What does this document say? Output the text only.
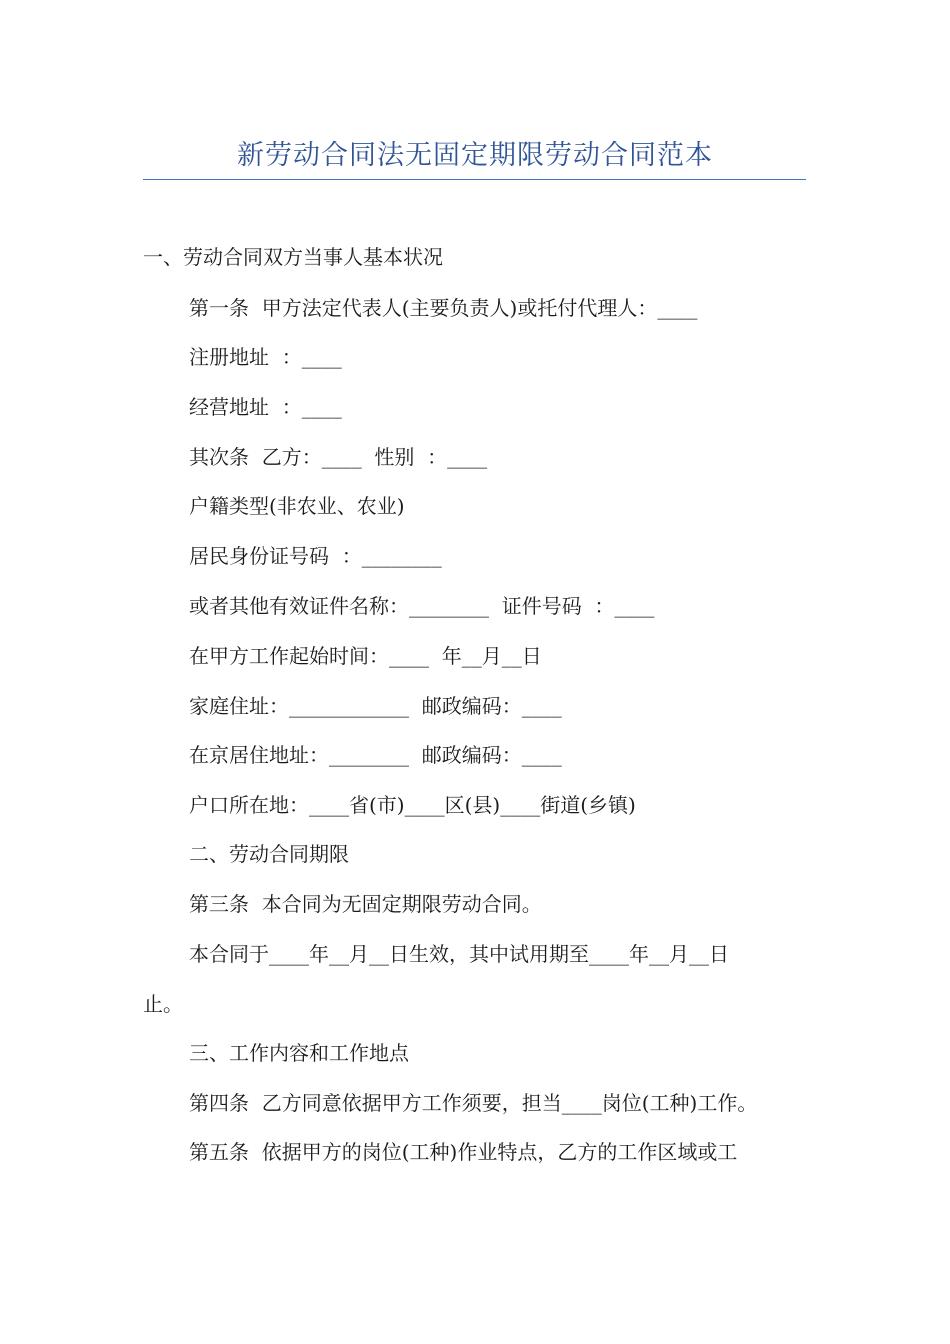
新劳动合同法无固定期限劳动合同范本
一、劳动合同双方当事人基本状况
第一条  甲方法定代表人(主要负责人)或托付代理人：____
注册地址  ：____
经营地址  ：____
其次条  乙方：____  性别  ：____
户籍类型(非农业、农业)
居民身份证号码  ：________
或者其他有效证件名称：________  证件号码  ：____
在甲方工作起始时间：____  年__月__日
家庭住址：____________  邮政编码：____
在京居住地址：________  邮政编码：____
户口所在地：____省(市)____区(县)____街道(乡镇)
二、劳动合同期限
第三条  本合同为无固定期限劳动合同。
本合同于____年__月__日生效，其中试用期至____年__月__日
止。
三、工作内容和工作地点
第四条  乙方同意依据甲方工作须要，担当____岗位(工种)工作。
第五条  依据甲方的岗位(工种)作业特点，乙方的工作区域或工
